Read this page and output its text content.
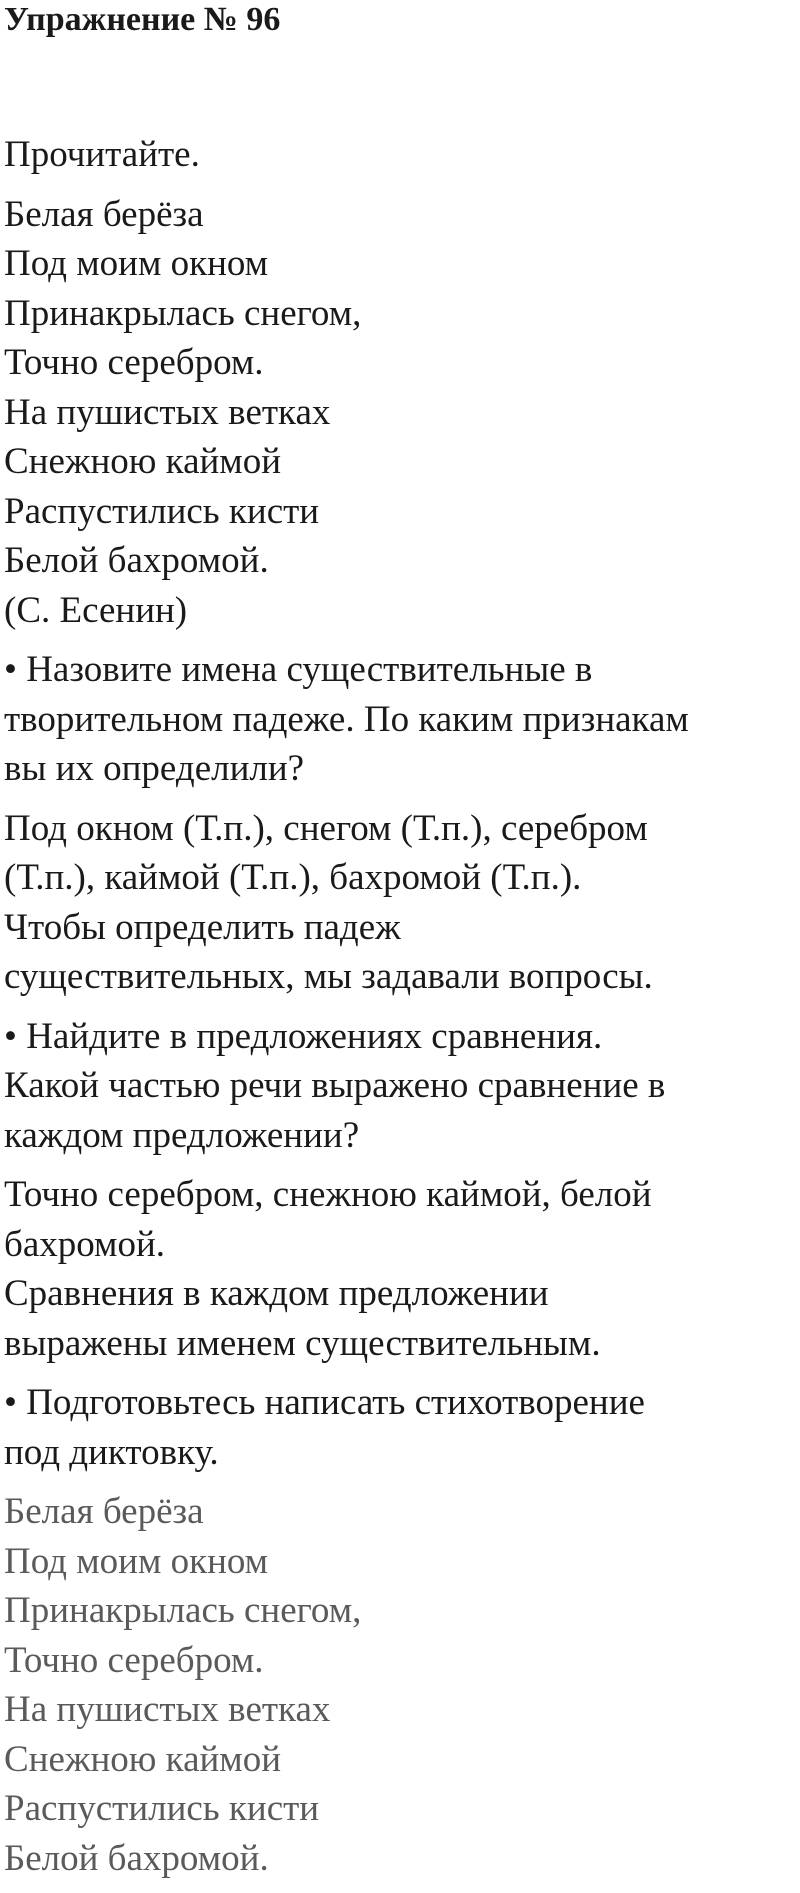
Упражнение № 96

Прочитайте.

Белая берёза
Под моим окном
Принакрылась снегом,
Точно серебром.
На пушистых ветках
Снежною каймой
Распустились кисти
Белой бахромой.
(С. Есенин)
• Назовите имена существительные в
творительном падеже. По каким признакам
вы их определили?
Под окном (Т.п.), снегом (Т.п.), серебром
(Т.п.), каймой (Т.п.), бахромой (Т.п.).
Чтобы определить падеж
существительных, мы задавали вопросы.
• Найдите в предложениях сравнения.
Какой частью речи выражено сравнение в
каждом предложении?
Точно серебром, снежною каймой, белой
бахромой.
Сравнения в каждом предложении
выражены именем существительным.
• Подготовьтесь написать стихотворение
под диктовку.
Белая берёза
Под моим окном
Принакрылась снегом,
Точно серебром.
На пушистых ветках
Снежною каймой
Распустились кисти
Белой бахромой.
